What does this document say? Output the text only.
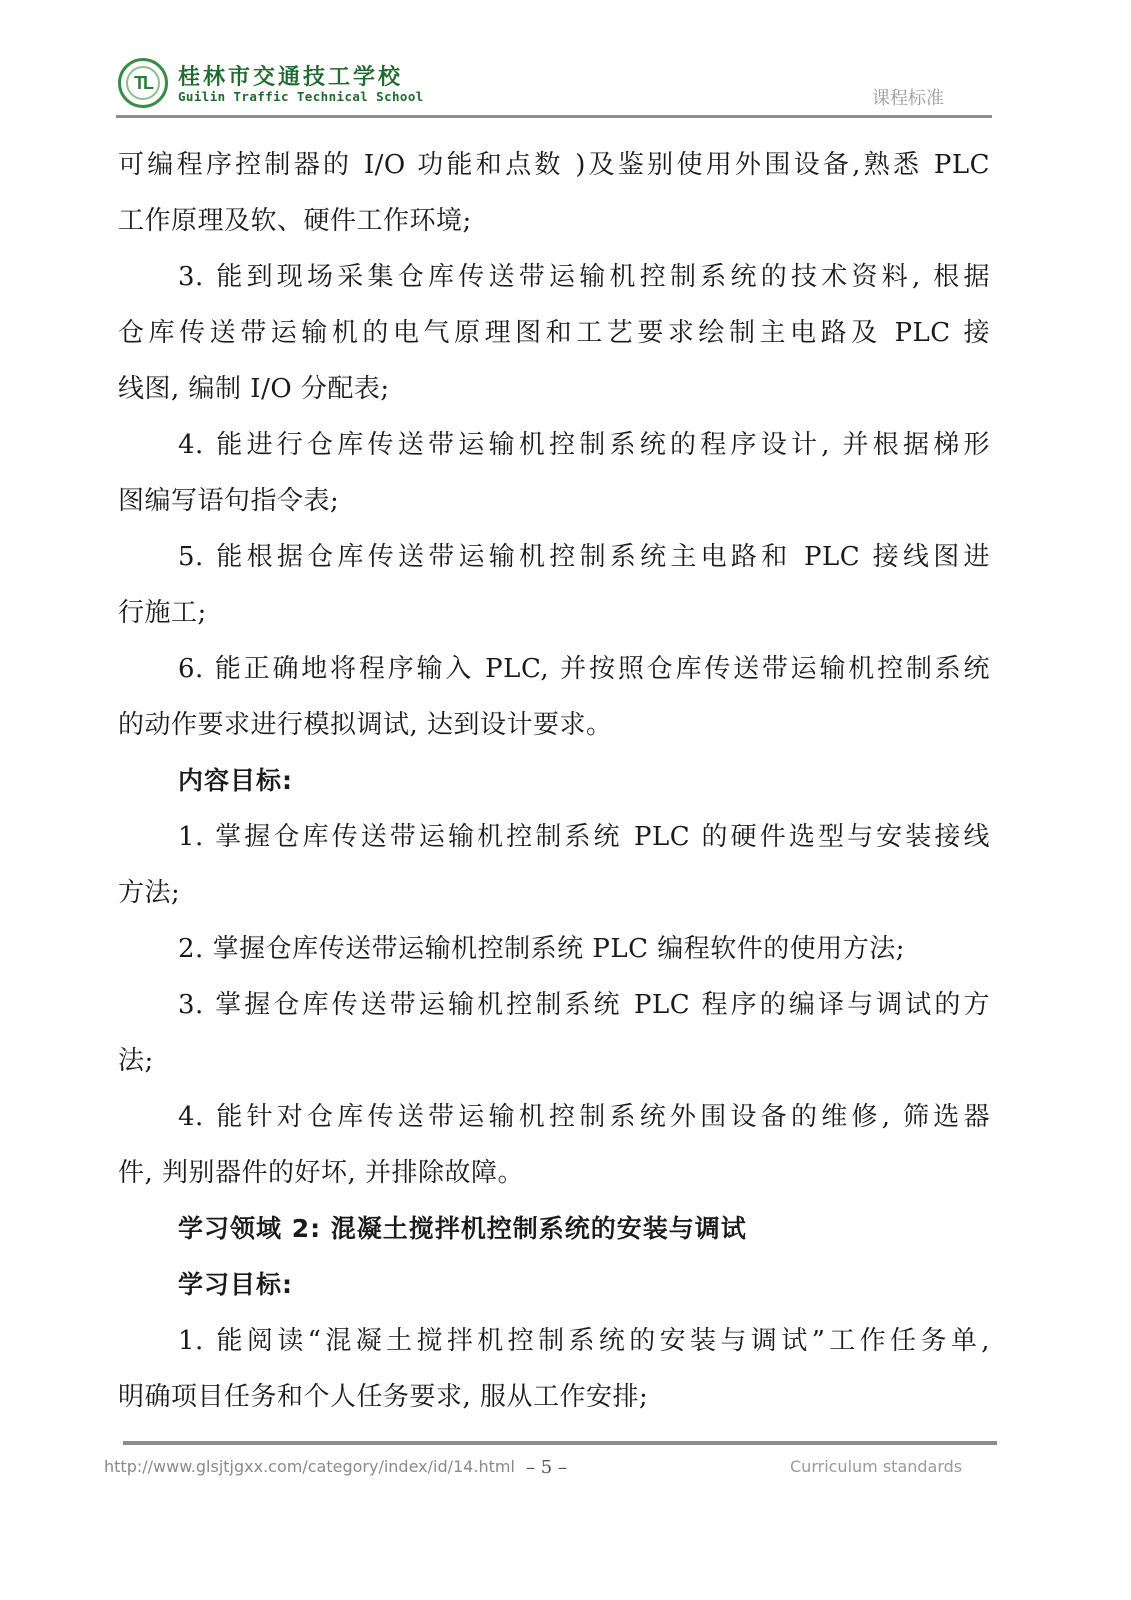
TL	桂林市交通技工学校
Guilin Traffic Technical School	课程标准
可编程序控制器的 I/O 功能和点数 )及鉴别使用外围设备,熟悉 PLC
工作原理及软、硬件工作环境;
3. 能到现场采集仓库传送带运输机控制系统的技术资料, 根据
仓库传送带运输机的电气原理图和工艺要求绘制主电路及 PLC 接
线图, 编制 I/O 分配表;
4. 能进行仓库传送带运输机控制系统的程序设计, 并根据梯形
图编写语句指令表;
5. 能根据仓库传送带运输机控制系统主电路和 PLC 接线图进
行施工;
6. 能正确地将程序输入 PLC, 并按照仓库传送带运输机控制系统
的动作要求进行模拟调试, 达到设计要求。
内容目标:
1. 掌握仓库传送带运输机控制系统 PLC 的硬件选型与安装接线
方法;
2. 掌握仓库传送带运输机控制系统 PLC 编程软件的使用方法;
3. 掌握仓库传送带运输机控制系统 PLC 程序的编译与调试的方
法;
4. 能针对仓库传送带运输机控制系统外围设备的维修, 筛选器
件, 判别器件的好坏, 并排除故障。
学习领域 2: 混凝土搅拌机控制系统的安装与调试
学习目标:
1. 能阅读“混凝土搅拌机控制系统的安装与调试”工作任务单,
明确项目任务和个人任务要求, 服从工作安排;
http://www.glsjtjgxx.com/category/index/id/14.html – 5 –	Curriculum standards
